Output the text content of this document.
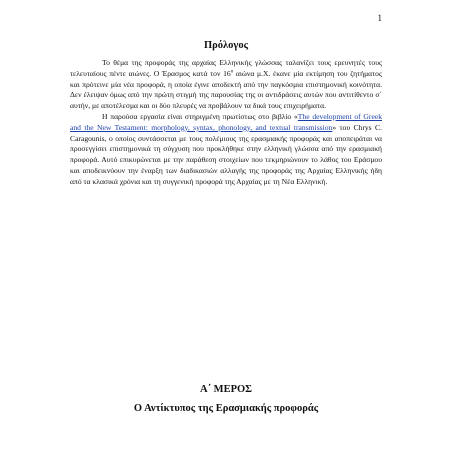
1
Πρόλογος

Το θέμα της προφοράς της αρχαίας Ελληνικής γλώσσας ταλανίζει τους ερευνητές τους τελευταίους πέντε αιώνες. Ο Έρασμος κατά τον $16^o$ αιώνα μ.Χ. έκανε μία εκτίμηση του ζητήματος και πρότεινε μία νέα προφορά, η οποία έγινε αποδεκτή από την παγκόσμια επιστημονική κοινότητα. Δεν έλειψαν όμως από την πρώτη στιγμή της παρουσίας της οι αντιδράσεις αυτών που αντιτίθεντο σ΄ αυτήν, με αποτέλεσμα και οι δύο πλευρές να προβάλουν τα δικά τους επιχειρήματα.

Η παρούσα εργασία είναι στηριγμένη πρωτίστως στο βιβλίο «The development of Greek and the New Testament: morphology, syntax, phonology, and textual transmission» του Chrys C. Caragounis, ο οποίος συντάσσεται με τους πολέμιους της ερασμιακής προφοράς και αποπειράται να προσεγγίσει επιστημονικά τη σύγχυση που προκλήθηκε στην ελληνική γλώσσα από την ερασμιακή προφορά. Αυτό επικυρώνεται με την παράθεση στοιχείων που τεκμηριώνουν το λάθος του Εράσμου και αποδεικνύουν την έναρξη των διαδικασιών αλλαγής της προφοράς της Αρχαίας Ελληνικής ήδη από τα κλασικά χρόνια και τη συγγενική προφορά της Αρχαίας με τη Νέα Ελληνική.

Α΄ ΜΕΡΟΣ
Ο Αντίκτυπος της Ερασμιακής προφοράς
